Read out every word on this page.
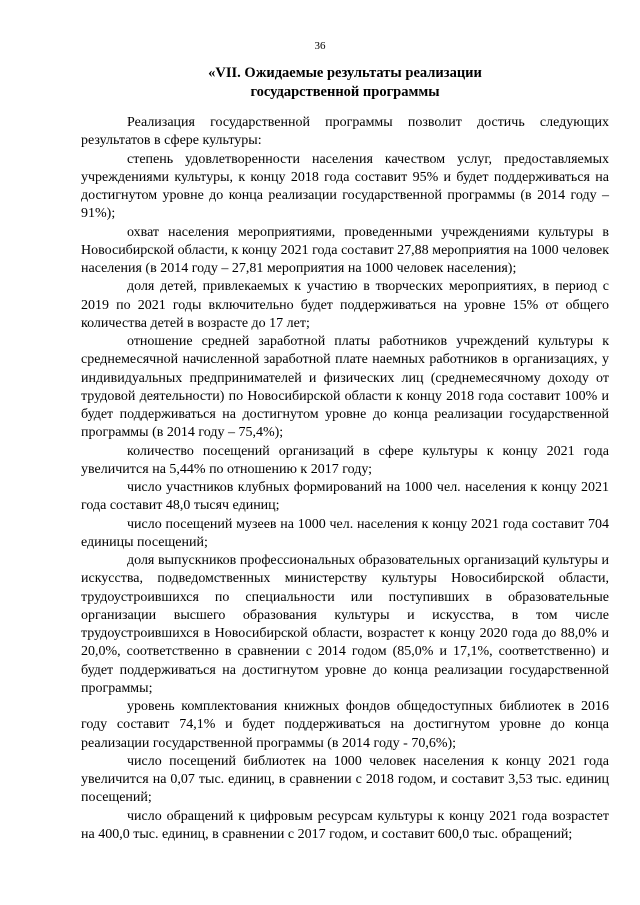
36
«VII. Ожидаемые результаты реализации
государственной программы

Реализация государственной программы позволит достичь следующих результатов в сфере культуры:

степень удовлетворенности населения качеством услуг, предоставляемых учреждениями культуры, к концу 2018 года составит 95% и будет поддерживаться на достигнутом уровне до конца реализации государственной программы (в 2014 году – 91%);

охват населения мероприятиями, проведенными учреждениями культуры в Новосибирской области, к концу 2021 года составит 27,88 мероприятия на 1000 человек населения (в 2014 году – 27,81 мероприятия на 1000 человек населения);

доля детей, привлекаемых к участию в творческих мероприятиях, в период с 2019 по 2021 годы включительно будет поддерживаться на уровне 15% от общего количества детей в возрасте до 17 лет;

отношение средней заработной платы работников учреждений культуры к среднемесячной начисленной заработной плате наемных работников в организациях, у индивидуальных предпринимателей и физических лиц (среднемесячному доходу от трудовой деятельности) по Новосибирской области к концу 2018 года составит 100% и будет поддерживаться на достигнутом уровне до конца реализации государственной программы (в 2014 году – 75,4%);

количество посещений организаций в сфере культуры к концу 2021 года увеличится на 5,44% по отношению к 2017 году;

число участников клубных формирований на 1000 чел. населения к концу 2021 года составит 48,0 тысяч единиц;

число посещений музеев на 1000 чел. населения к концу 2021 года составит 704 единицы посещений;

доля выпускников профессиональных образовательных организаций культуры и искусства, подведомственных министерству культуры Новосибирской области, трудоустроившихся по специальности или поступивших в образовательные организации высшего образования культуры и искусства, в том числе трудоустроившихся в Новосибирской области, возрастет к концу 2020 года до 88,0% и 20,0%, соответственно в сравнении с 2014 годом (85,0% и 17,1%, соответственно) и будет поддерживаться на достигнутом уровне до конца реализации государственной программы;

уровень комплектования книжных фондов общедоступных библиотек в 2016 году составит 74,1% и будет поддерживаться на достигнутом уровне до конца реализации государственной программы (в 2014 году - 70,6%);

число посещений библиотек на 1000 человек населения к концу 2021 года увеличится на 0,07 тыс. единиц, в сравнении с 2018 годом, и составит 3,53 тыс. единиц посещений;

число обращений к цифровым ресурсам культуры к концу 2021 года возрастет на 400,0 тыс. единиц, в сравнении с 2017 годом, и составит 600,0 тыс. обращений;
